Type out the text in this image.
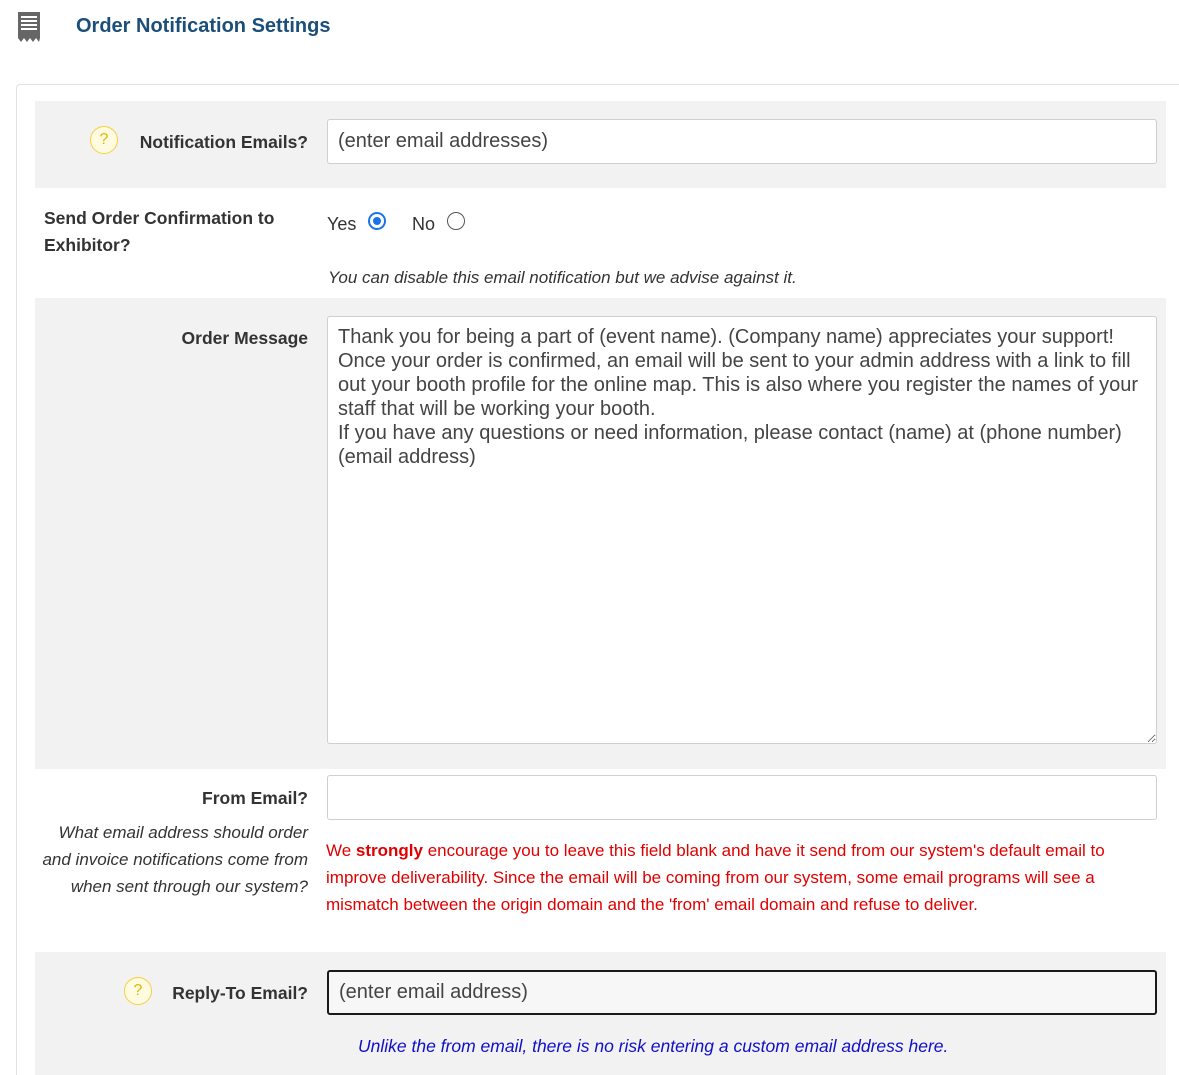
Order Notification Settings
?	Notification Emails?
(enter email addresses)
Send Order Confirmation to Exhibitor?
Yes	No
You can disable this email notification but we advise against it.
Order Message
Thank you for being a part of (event name). (Company name) appreciates your support! Once your order is confirmed, an email will be sent to your admin address with a link to fill out your booth profile for the online map. This is also where you register the names of your staff that will be working your booth. If you have any questions or need information, please contact (name) at (phone number) (email address)
From Email?
What email address should order and invoice notifications come from when sent through our system?
We strongly encourage you to leave this field blank and have it send from our system's default email to improve deliverability. Since the email will be coming from our system, some email programs will see a mismatch between the origin domain and the 'from' email domain and refuse to deliver.
?	Reply-To Email?
(enter email address)
Unlike the from email, there is no risk entering a custom email address here.
